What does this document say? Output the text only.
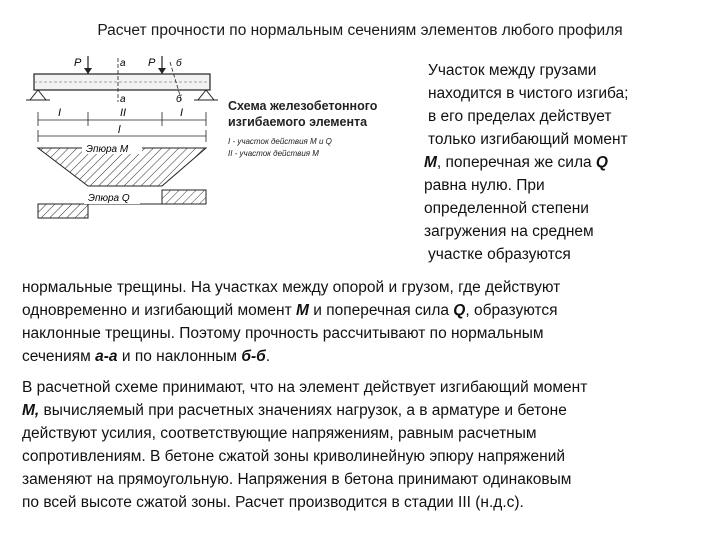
Расчет прочности по нормальным сечениям элементов любого профиля
P	P
a	б
a	б
I	II	I
l
Эпюра M
Эпюра Q
Схема железобетонного
изгибаемого элемента
I - участок действия M и Q
II - участок действия M
Участок между грузами
находится в чистого изгиба;
в его пределах действует
только изгибающий момент
M, поперечная же сила Q
равна нулю. При
определенной степени
загружения на среднем
участке образуются
нормальные трещины. На участках между опорой и грузом, где действуют
одновременно и изгибающий момент M и поперечная сила Q, образуются
наклонные трещины. Поэтому прочность рассчитывают по нормальным
сечениям а-а и по наклонным б-б.
В расчетной схеме принимают, что на элемент действует изгибающий момент
M, вычисляемый при расчетных значениях нагрузок, а в арматуре и бетоне
действуют усилия, соответствующие напряжениям, равным расчетным
сопротивлениям. В бетоне сжатой зоны криволинейную эпюру напряжений
заменяют на прямоугольную. Напряжения в бетона принимают одинаковым
по всей высоте сжатой зоны. Расчет производится в стадии III (н.д.с).
